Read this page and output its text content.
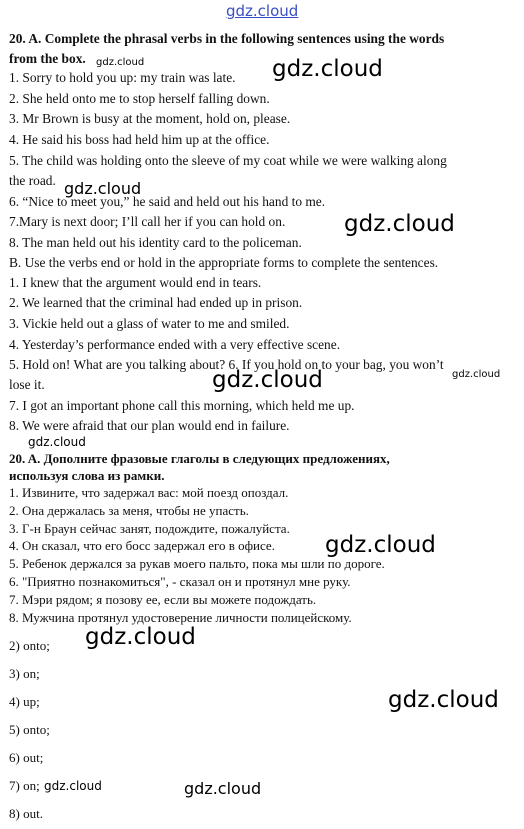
gdz.cloud
20. A. Complete the phrasal verbs in the following sentences using the words
from the box.
1. Sorry to hold you up: my train was late.
2. She held onto me to stop herself falling down.
3. Mr Brown is busy at the moment, hold on, please.
4. He said his boss had held him up at the office.
5. The child was holding onto the sleeve of my coat while we were walking along
the road.
6. “Nice to meet you,” he said and held out his hand to me.
7.Mary is next door; I’ll call her if you can hold on.
8. The man held out his identity card to the policeman.
B. Use the verbs end or hold in the appropriate forms to complete the sentences.
1. I knew that the argument would end in tears.
2. We learned that the criminal had ended up in prison.
3. Vickie held out a glass of water to me and smiled.
4. Yesterday’s performance ended with a very effective scene.
5. Hold on! What are you talking about? 6. If you hold on to your bag, you won’t
lose it.
7. I got an important phone call this morning, which held me up.
8. We were afraid that our plan would end in failure.
20. A. Дополните фразовые глаголы в следующих предложениях,
используя слова из рамки.
1. Извините, что задержал вас: мой поезд опоздал.
2. Она держалась за меня, чтобы не упасть.
3. Г-н Браун сейчас занят, подождите, пожалуйста.
4. Он сказал, что его босс задержал его в офисе.
5. Ребенок держался за рукав моего пальто, пока мы шли по дороге.
6. "Приятно познакомиться", - сказал он и протянул мне руку.
7. Мэри рядом; я позову ее, если вы можете подождать.
8. Мужчина протянул удостоверение личности полицейскому.
2) onto;
3) on;
4) up;
5) onto;
6) out;
7) on;
8) out.
gdz.cloud	gdz.cloud
gdz.cloud
gdz.cloud
gdz.cloud	gdz.cloud
gdz.cloud
gdz.cloud
gdz.cloud
gdz.cloud
gdz.cloud	gdz.cloud
